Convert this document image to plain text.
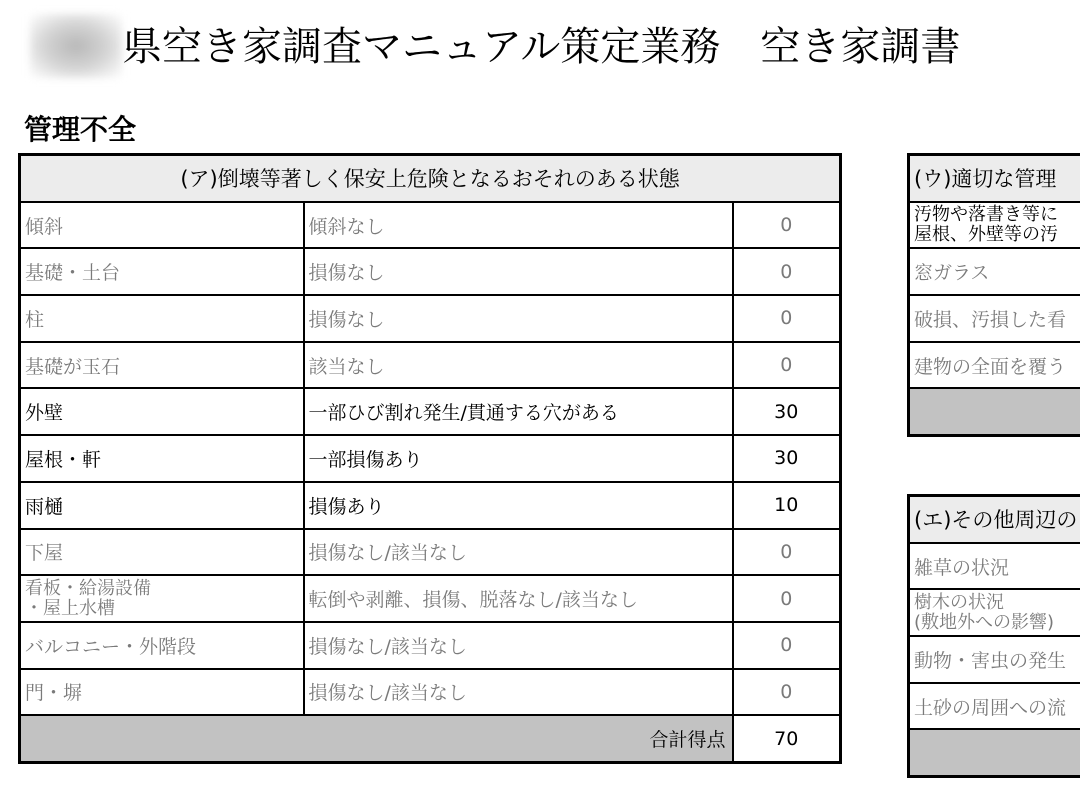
県空き家調査マニュアル策定業務　空き家調書
管理不全
(ア)倒壊等著しく保安上危険となるおそれのある状態		
傾斜	傾斜なし	0
基礎・土台	損傷なし	0
柱	損傷なし	0
基礎が玉石	該当なし	0
外壁	一部ひび割れ発生/貫通する穴がある	30
屋根・軒	一部損傷あり	30
雨樋	損傷あり	10
下屋	損傷なし/該当なし	0

看板・給湯設備
・屋上水槽	転倒や剥離、損傷、脱落なし/該当なし	0
バルコニー・外階段	損傷なし/該当なし	0
門・塀	損傷なし/該当なし	0
合計得点		70
(ウ)適切な管理

汚物や落書き等に
屋根、外壁等の汚

窓ガラス
破損、汚損した看
建物の全面を覆う

(エ)その他周辺の
雑草の状況

樹木の状況
(敷地外への影響)

動物・害虫の発生
土砂の周囲への流
